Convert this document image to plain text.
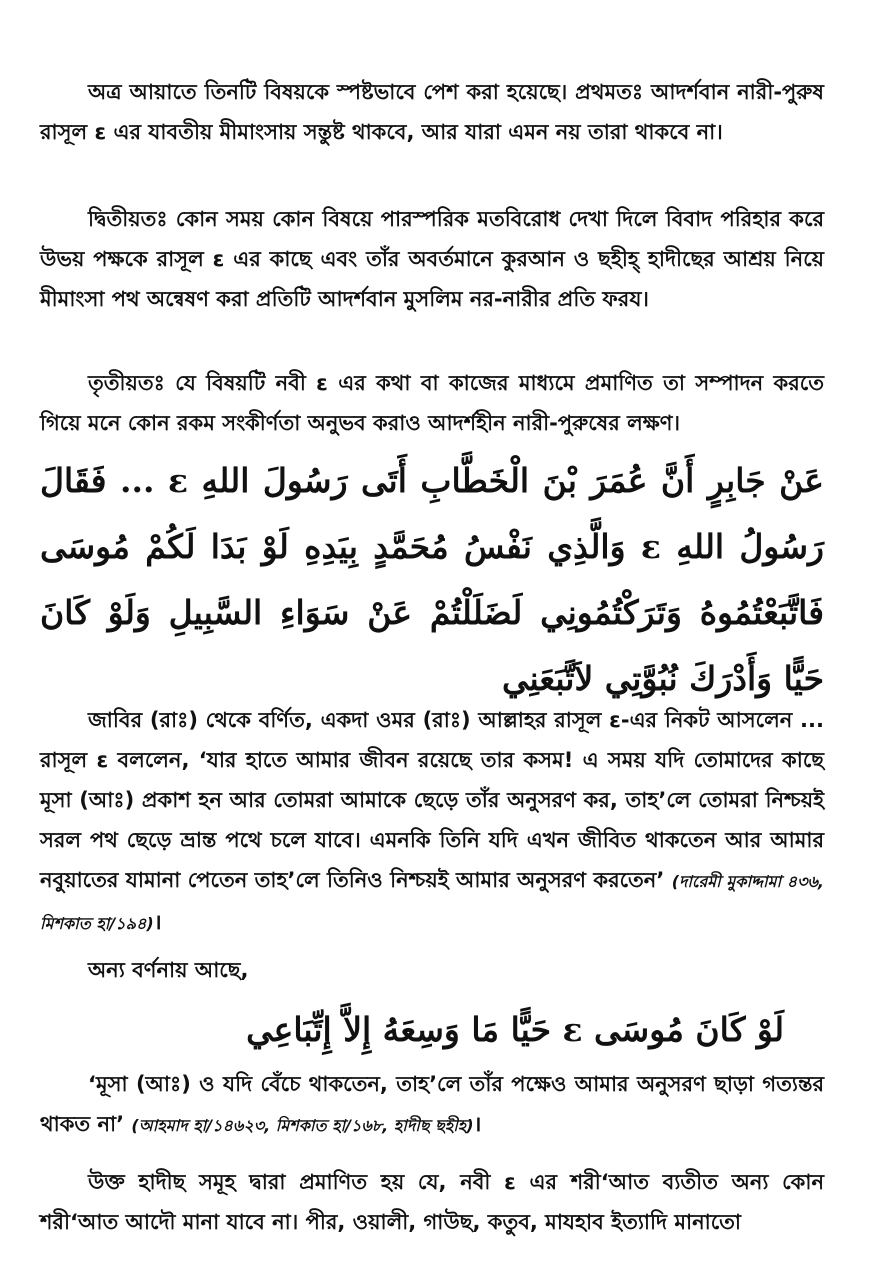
অত্র আয়াতে তিনটি বিষয়কে স্পষ্টভাবে পেশ করা হয়েছে। প্রথমতঃ আদর্শবান নারী-পুরুষ রাসূল ε এর যাবতীয় মীমাংসায় সন্তুষ্ট থাকবে, আর যারা এমন নয় তারা থাকবে না।

দ্বিতীয়তঃ কোন সময় কোন বিষয়ে পারস্পরিক মতবিরোধ দেখা দিলে বিবাদ পরিহার করে উভয় পক্ষকে রাসূল ε এর কাছে এবং তাঁর অবর্তমানে কুরআন ও ছহীহ্ হাদীছের আশ্রয় নিয়ে মীমাংসা পথ অন্বেষণ করা প্রতিটি আদর্শবান মুসলিম নর-নারীর প্রতি ফরয।

তৃতীয়তঃ যে বিষয়টি নবী ε এর কথা বা কাজের মাধ্যমে প্রমাণিত তা সম্পাদন করতে গিয়ে মনে কোন রকম সংকীর্ণতা অনুভব করাও আদর্শহীন নারী-পুরুষের লক্ষণ।

عَنْ جَابِرٍ أَنَّ عُمَرَ بْنَ الْخَطَّابِ أَتَى رَسُولَ اللهِ ε ... فَقَالَ رَسُولُ اللهِ ε وَالَّذِي نَفْسُ مُحَمَّدٍ بِيَدِهِ لَوْ بَدَا لَكُمْ مُوسَى فَاتَّبَعْتُمُوهُ وَتَرَكْتُمُونِي لَضَلَلْتُمْ عَنْ سَوَاءِ السَّبِيلِ وَلَوْ كَانَ حَيًّا وَأَدْرَكَ نُبُوَّتِي لاَتَّبَعَنِي

জাবির (রাঃ) থেকে বর্ণিত, একদা ওমর (রাঃ) আল্লাহর রাসূল ε-এর নিকট আসলেন ... রাসূল ε বললেন, ‘যার হাতে আমার জীবন রয়েছে তার কসম! এ সময় যদি তোমাদের কাছে মূসা (আঃ) প্রকাশ হন আর তোমরা আমাকে ছেড়ে তাঁর অনুসরণ কর, তাহ’লে তোমরা নিশ্চয়ই সরল পথ ছেড়ে ভ্রান্ত পথে চলে যাবে। এমনকি তিনি যদি এখন জীবিত থাকতেন আর আমার নবুয়াতের যামানা পেতেন তাহ’লে তিনিও নিশ্চয়ই আমার অনুসরণ করতেন’ (দারেমী মুকাদ্দামা ৪৩৬, মিশকাত হা/১৯৪)।

অন্য বর্ণনায় আছে,

لَوْ كَانَ مُوسَى ε حَيًّا مَا وَسِعَهُ إِلاَّ إِتِّبَاعِي

‘মূসা (আঃ) ও যদি বেঁচে থাকতেন, তাহ’লে তাঁর পক্ষেও আমার অনুসরণ ছাড়া গত্যন্তর থাকত না’ (আহমাদ হা/১৪৬২৩, মিশকাত হা/১৬৮, হাদীছ ছহীহ)।

উক্ত হাদীছ সমূহ দ্বারা প্রমাণিত হয় যে, নবী ε এর শরী‘আত ব্যতীত অন্য কোন শরী‘আত আদৌ মানা যাবে না। পীর, ওয়ালী, গাউছ, কতুব, মাযহাব ইত্যাদি মানাতো
